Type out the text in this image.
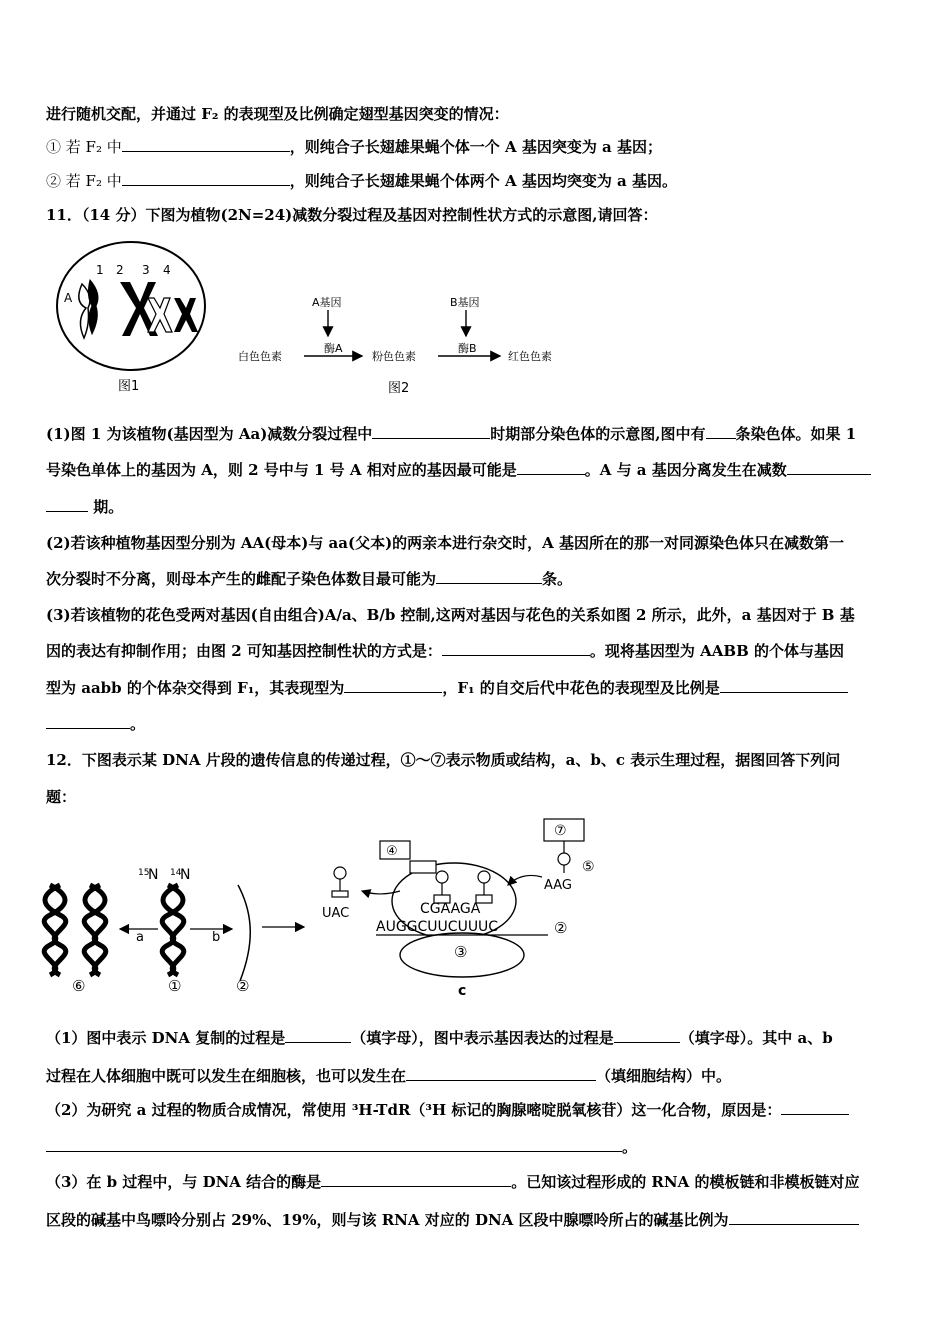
进行随机交配，并通过 F₂ 的表现型及比例确定翅型基因突变的情况：
① 若 F₂ 中	，则纯合子长翅雄果蝇个体一个 A 基因突变为 a 基因；
② 若 F₂ 中	，则纯合子长翅雄果蝇个体两个 A 基因均突变为 a 基因。
11．（14 分）下图为植物(2N=24)减数分裂过程及基因对控制性状方式的示意图,请回答：
1 2 3 4
A
图1
A基因
酶A
B基因
酶B
白色色素	粉色色素	红色色素
图2
(1)图 1 为该植物(基因型为 Aa)减数分裂过程中	时期部分染色体的示意图,图中有 条染色体。如果 1
号染色单体上的基因为 A，则 2 号中与 1 号 A 相对应的基因最可能是	。A 与 a 基因分离发生在减数
期。
(2)若该种植物基因型分别为 AA(母本)与 aa(父本)的两亲本进行杂交时，A 基因所在的那一对同源染色体只在减数第一
次分裂时不分离，则母本产生的雌配子染色体数目最可能为	条。
(3)若该植物的花色受两对基因(自由组合)A/a、B/b 控制,这两对基因与花色的关系如图 2 所示，此外，a 基因对于 B 基
因的表达有抑制作用；由图 2 可知基因控制性状的方式是：	。现将基因型为 AABB 的个体与基因
型为 aabb 的个体杂交得到 F₁，其表现型为	，F₁ 的自交后代中花色的表现型及比例是
。
12．下图表示某 DNA 片段的遗传信息的传递过程，①～⑦表示物质或结构，a、b、c 表示生理过程，据图回答下列问
题：
15
N 14
N
a	b
⑥	①	②
④
⑦
⑤
AAG
UAC	CGAAGA
AUGGCUUCUUUC	②
③
c
（1）图中表示 DNA 复制的过程是	（填字母），图中表示基因表达的过程是	（填字母）。其中 a、b
过程在人体细胞中既可以发生在细胞核，也可以发生在	（填细胞结构）中。
（2）为研究 a 过程的物质合成情况，常使用 ³H-TdR（³H 标记的胸腺嘧啶脱氧核苷）这一化合物，原因是：
。
（3）在 b 过程中，与 DNA 结合的酶是	。已知该过程形成的 RNA 的模板链和非模板链对应
区段的碱基中鸟嘌呤分别占 29%、19%，则与该 RNA 对应的 DNA 区段中腺嘌呤所占的碱基比例为
